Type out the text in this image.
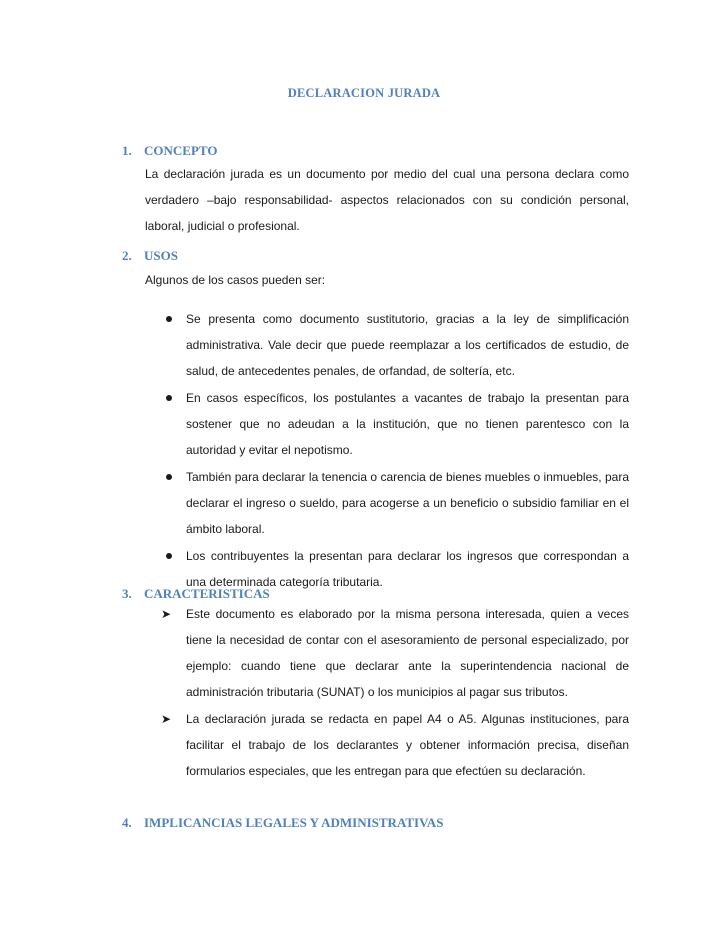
DECLARACION JURADA
1. CONCEPTO

La declaración jurada es un documento por medio del cual una persona declara como verdadero –bajo responsabilidad- aspectos relacionados con su condición personal, laboral, judicial o profesional.

2. USOS

Algunos de los casos pueden ser:

Se presenta como documento sustitutorio, gracias a la ley de simplificación administrativa. Vale decir que puede reemplazar a los certificados de estudio, de salud, de antecedentes penales, de orfandad, de soltería, etc.
En casos específicos, los postulantes a vacantes de trabajo la presentan para sostener que no adeudan a la institución, que no tienen parentesco con la autoridad y evitar el nepotismo.
También para declarar la tenencia o carencia de bienes muebles o inmuebles, para declarar el ingreso o sueldo, para acogerse a un beneficio o subsidio familiar en el ámbito laboral.
Los contribuyentes la presentan para declarar los ingresos que correspondan a una determinada categoría tributaria.
3. CARACTERISTICAS
➤ Este documento es elaborado por la misma persona interesada, quien a veces tiene la necesidad de contar con el asesoramiento de personal especializado, por ejemplo: cuando tiene que declarar ante la superintendencia nacional de administración tributaria (SUNAT) o los municipios al pagar sus tributos.
➤ La declaración jurada se redacta en papel A4 o A5. Algunas instituciones, para facilitar el trabajo de los declarantes y obtener información precisa, diseñan formularios especiales, que les entregan para que efectúen su declaración.
4. IMPLICANCIAS LEGALES Y ADMINISTRATIVAS
